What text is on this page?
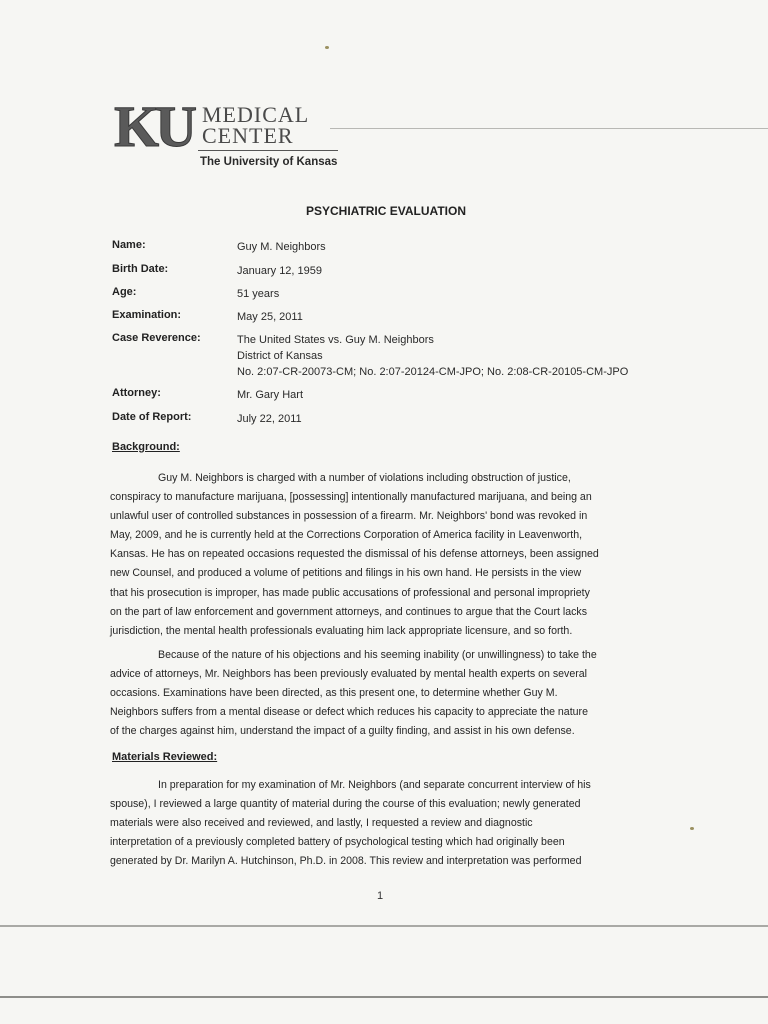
KU MEDICAL
CENTER
The University of Kansas
PSYCHIATRIC EVALUATION
Name:	Guy M. Neighbors
Birth Date:	January 12, 1959
Age:	51 years
Examination:	May 25, 2011
Case Reverence:	The United States vs. Guy M. Neighbors
District of Kansas
No. 2:07-CR-20073-CM; No. 2:07-20124-CM-JPO; No. 2:08-CR-20105-CM-JPO
Attorney:	Mr. Gary Hart
Date of Report:	July 22, 2011
Background:
Guy M. Neighbors is charged with a number of violations including obstruction of justice,
conspiracy to manufacture marijuana, [possessing] intentionally manufactured marijuana, and being an
unlawful user of controlled substances in possession of a firearm. Mr. Neighbors' bond was revoked in
May, 2009, and he is currently held at the Corrections Corporation of America facility in Leavenworth,
Kansas. He has on repeated occasions requested the dismissal of his defense attorneys, been assigned
new Counsel, and produced a volume of petitions and filings in his own hand. He persists in the view
that his prosecution is improper, has made public accusations of professional and personal impropriety
on the part of law enforcement and government attorneys, and continues to argue that the Court lacks
jurisdiction, the mental health professionals evaluating him lack appropriate licensure, and so forth.
Because of the nature of his objections and his seeming inability (or unwillingness) to take the
advice of attorneys, Mr. Neighbors has been previously evaluated by mental health experts on several
occasions. Examinations have been directed, as this present one, to determine whether Guy M.
Neighbors suffers from a mental disease or defect which reduces his capacity to appreciate the nature
of the charges against him, understand the impact of a guilty finding, and assist in his own defense.
Materials Reviewed:
In preparation for my examination of Mr. Neighbors (and separate concurrent interview of his
spouse), I reviewed a large quantity of material during the course of this evaluation; newly generated
materials were also received and reviewed, and lastly, I requested a review and diagnostic
interpretation of a previously completed battery of psychological testing which had originally been
generated by Dr. Marilyn A. Hutchinson, Ph.D. in 2008. This review and interpretation was performed
1
